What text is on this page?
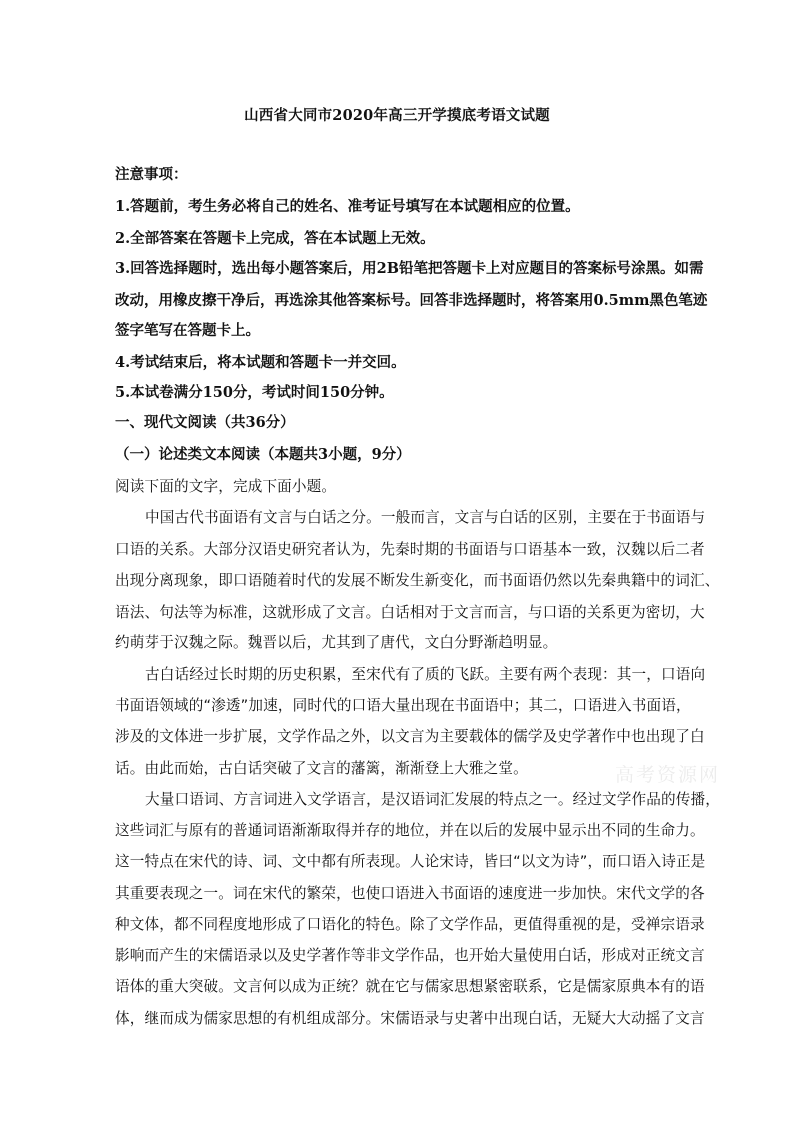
山西省大同市2020年高三开学摸底考语文试题
注意事项：
1.答题前，考生务必将自己的姓名、准考证号填写在本试题相应的位置。
2.全部答案在答题卡上完成，答在本试题上无效。
3.回答选择题时，选出每小题答案后，用2B铅笔把答题卡上对应题目的答案标号涂黑。如需
改动，用橡皮擦干净后，再选涂其他答案标号。回答非选择题时，将答案用0.5mm黑色笔迹
签字笔写在答题卡上。
4.考试结束后，将本试题和答题卡一并交回。
5.本试卷满分150分，考试时间150分钟。
一、现代文阅读（共36分）
（一）论述类文本阅读（本题共3小题，9分）
阅读下面的文字，完成下面小题。
中国古代书面语有文言与白话之分。一般而言，文言与白话的区别，主要在于书面语与
口语的关系。大部分汉语史研究者认为，先秦时期的书面语与口语基本一致，汉魏以后二者
出现分离现象，即口语随着时代的发展不断发生新变化，而书面语仍然以先秦典籍中的词汇、
语法、句法等为标准，这就形成了文言。白话相对于文言而言，与口语的关系更为密切，大
约萌芽于汉魏之际。魏晋以后，尤其到了唐代，文白分野渐趋明显。
古白话经过长时期的历史积累，至宋代有了质的飞跃。主要有两个表现：其一，口语向
书面语领域的“渗透”加速，同时代的口语大量出现在书面语中；其二，口语进入书面语，
涉及的文体进一步扩展，文学作品之外，以文言为主要载体的儒学及史学著作中也出现了白
话。由此而始，古白话突破了文言的藩篱，渐渐登上大雅之堂。
大量口语词、方言词进入文学语言，是汉语词汇发展的特点之一。经过文学作品的传播，
这些词汇与原有的普通词语渐渐取得并存的地位，并在以后的发展中显示出不同的生命力。
这一特点在宋代的诗、词、文中都有所表现。人论宋诗，皆曰“以文为诗”，而口语入诗正是
其重要表现之一。词在宋代的繁荣，也使口语进入书面语的速度进一步加快。宋代文学的各
种文体，都不同程度地形成了口语化的特色。除了文学作品，更值得重视的是，受禅宗语录
影响而产生的宋儒语录以及史学著作等非文学作品，也开始大量使用白话，形成对正统文言
语体的重大突破。文言何以成为正统？就在它与儒家思想紧密联系，它是儒家原典本有的语
体，继而成为儒家思想的有机组成部分。宋儒语录与史著中出现白话，无疑大大动摇了文言
高考资源网
